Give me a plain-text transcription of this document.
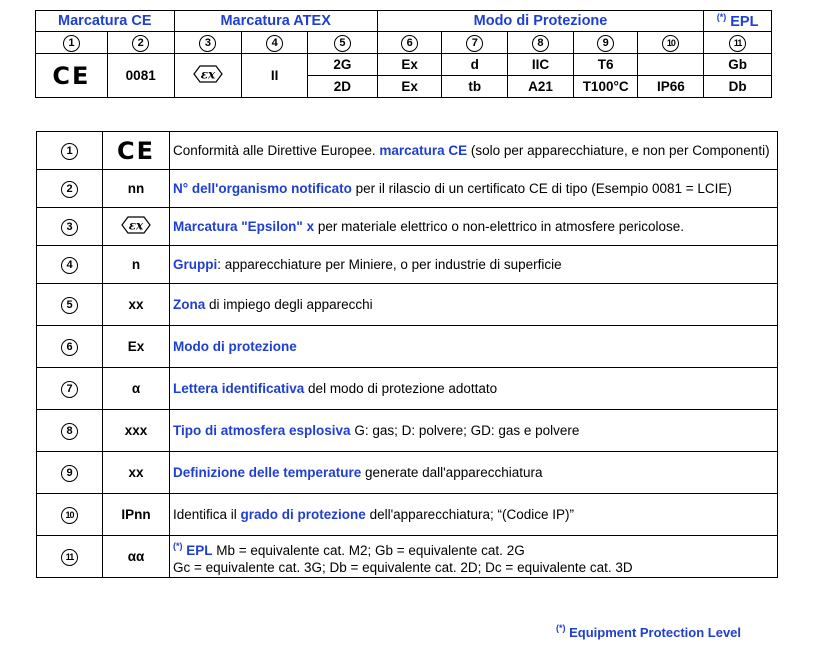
Marcatura CE		Marcatura ATEX			Modo di Protezione					(*) EPL
1	2	3	4	5	6	7	8	9	10	11
CE	0081	εx	II	2G	Ex	d	IIC	T6		Gb
				2D	Ex	tb	A21	T100°C	IP66	Db
1	CE	Conformità alle Direttive Europee. marcatura CE (solo per apparecchiature, e non per Componenti)
2	nn	N° dell'organismo notificato per il rilascio di un certificato CE di tipo (Esempio 0081 = LCIE)
3	εx	Marcatura "Epsilon" x per materiale elettrico o non-elettrico in atmosfere pericolose.
4	n	Gruppi: apparecchiature per Miniere, o per industrie di superficie
5	xx	Zona di impiego degli apparecchi
6	Ex	Modo di protezione
7	α	Lettera identificativa del modo di protezione adottato
8	xxx	Tipo di atmosfera esplosiva G: gas; D: polvere; GD: gas e polvere
9	xx	Definizione delle temperature generate dall'apparecchiatura
10	IPnn	Identifica il grado di protezione dell'apparecchiatura; “(Codice IP)”
11	αα	(*) EPL Mb = equivalente cat. M2; Gb = equivalente cat. 2G
Gc = equivalente cat. 3G; Db = equivalente cat. 2D; Dc = equivalente cat. 3D
(*) Equipment Protection Level
